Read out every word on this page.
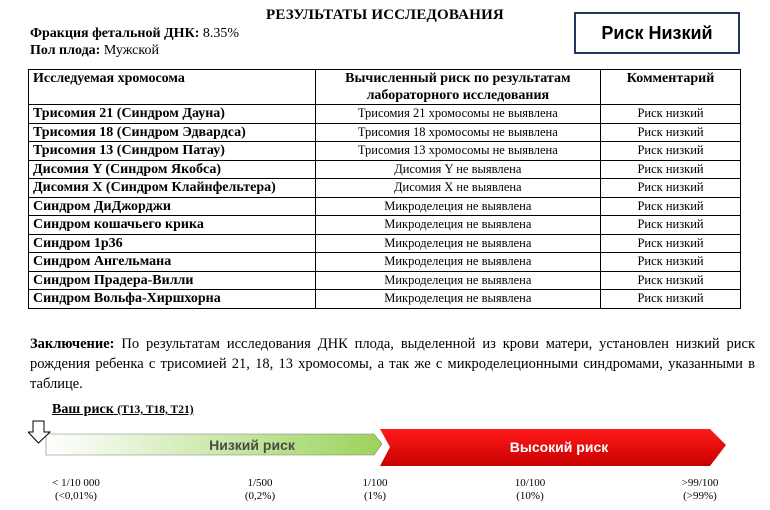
РЕЗУЛЬТАТЫ ИССЛЕДОВАНИЯ
Фракция фетальной ДНК: 8.35%
Пол плода: Мужской
Риск Низкий
Исследуемая хромосома	Вычисленный риск по результатам лабораторного исследования	Комментарий
Трисомия 21 (Синдром Дауна)	Трисомия 21 хромосомы не выявлена	Риск низкий
Трисомия 18 (Синдром Эдвардса)	Трисомия 18 хромосомы не выявлена	Риск низкий
Трисомия 13 (Синдром Патау)	Трисомия 13 хромосомы не выявлена	Риск низкий
Дисомия Y (Синдром Якобса)	Дисомия Y не выявлена	Риск низкий
Дисомия X (Синдром Клайнфельтера)	Дисомия X не выявлена	Риск низкий
Синдром ДиДжорджи	Микроделеция не выявлена	Риск низкий
Синдром кошачьего крика	Микроделеция не выявлена	Риск низкий
Синдром 1p36	Микроделеция не выявлена	Риск низкий
Синдром Ангельмана	Микроделеция не выявлена	Риск низкий
Синдром Прадера-Вилли	Микроделеция не выявлена	Риск низкий
Синдром Вольфа-Хиршхорна	Микроделеция не выявлена	Риск низкий
Заключение: По результатам исследования ДНК плода, выделенной из крови матери, установлен низкий риск рождения ребенка с трисомией 21, 18, 13 хромосомы, а так же с микроделеционными синдромами, указанными в таблице.
Ваш риск (T13, T18, T21)
Низкий риск	Высокий риск
< 1/10 000
(<0,01%)
1/500
(0,2%)
1/100
(1%)
10/100
(10%)
>99/100
(>99%)
